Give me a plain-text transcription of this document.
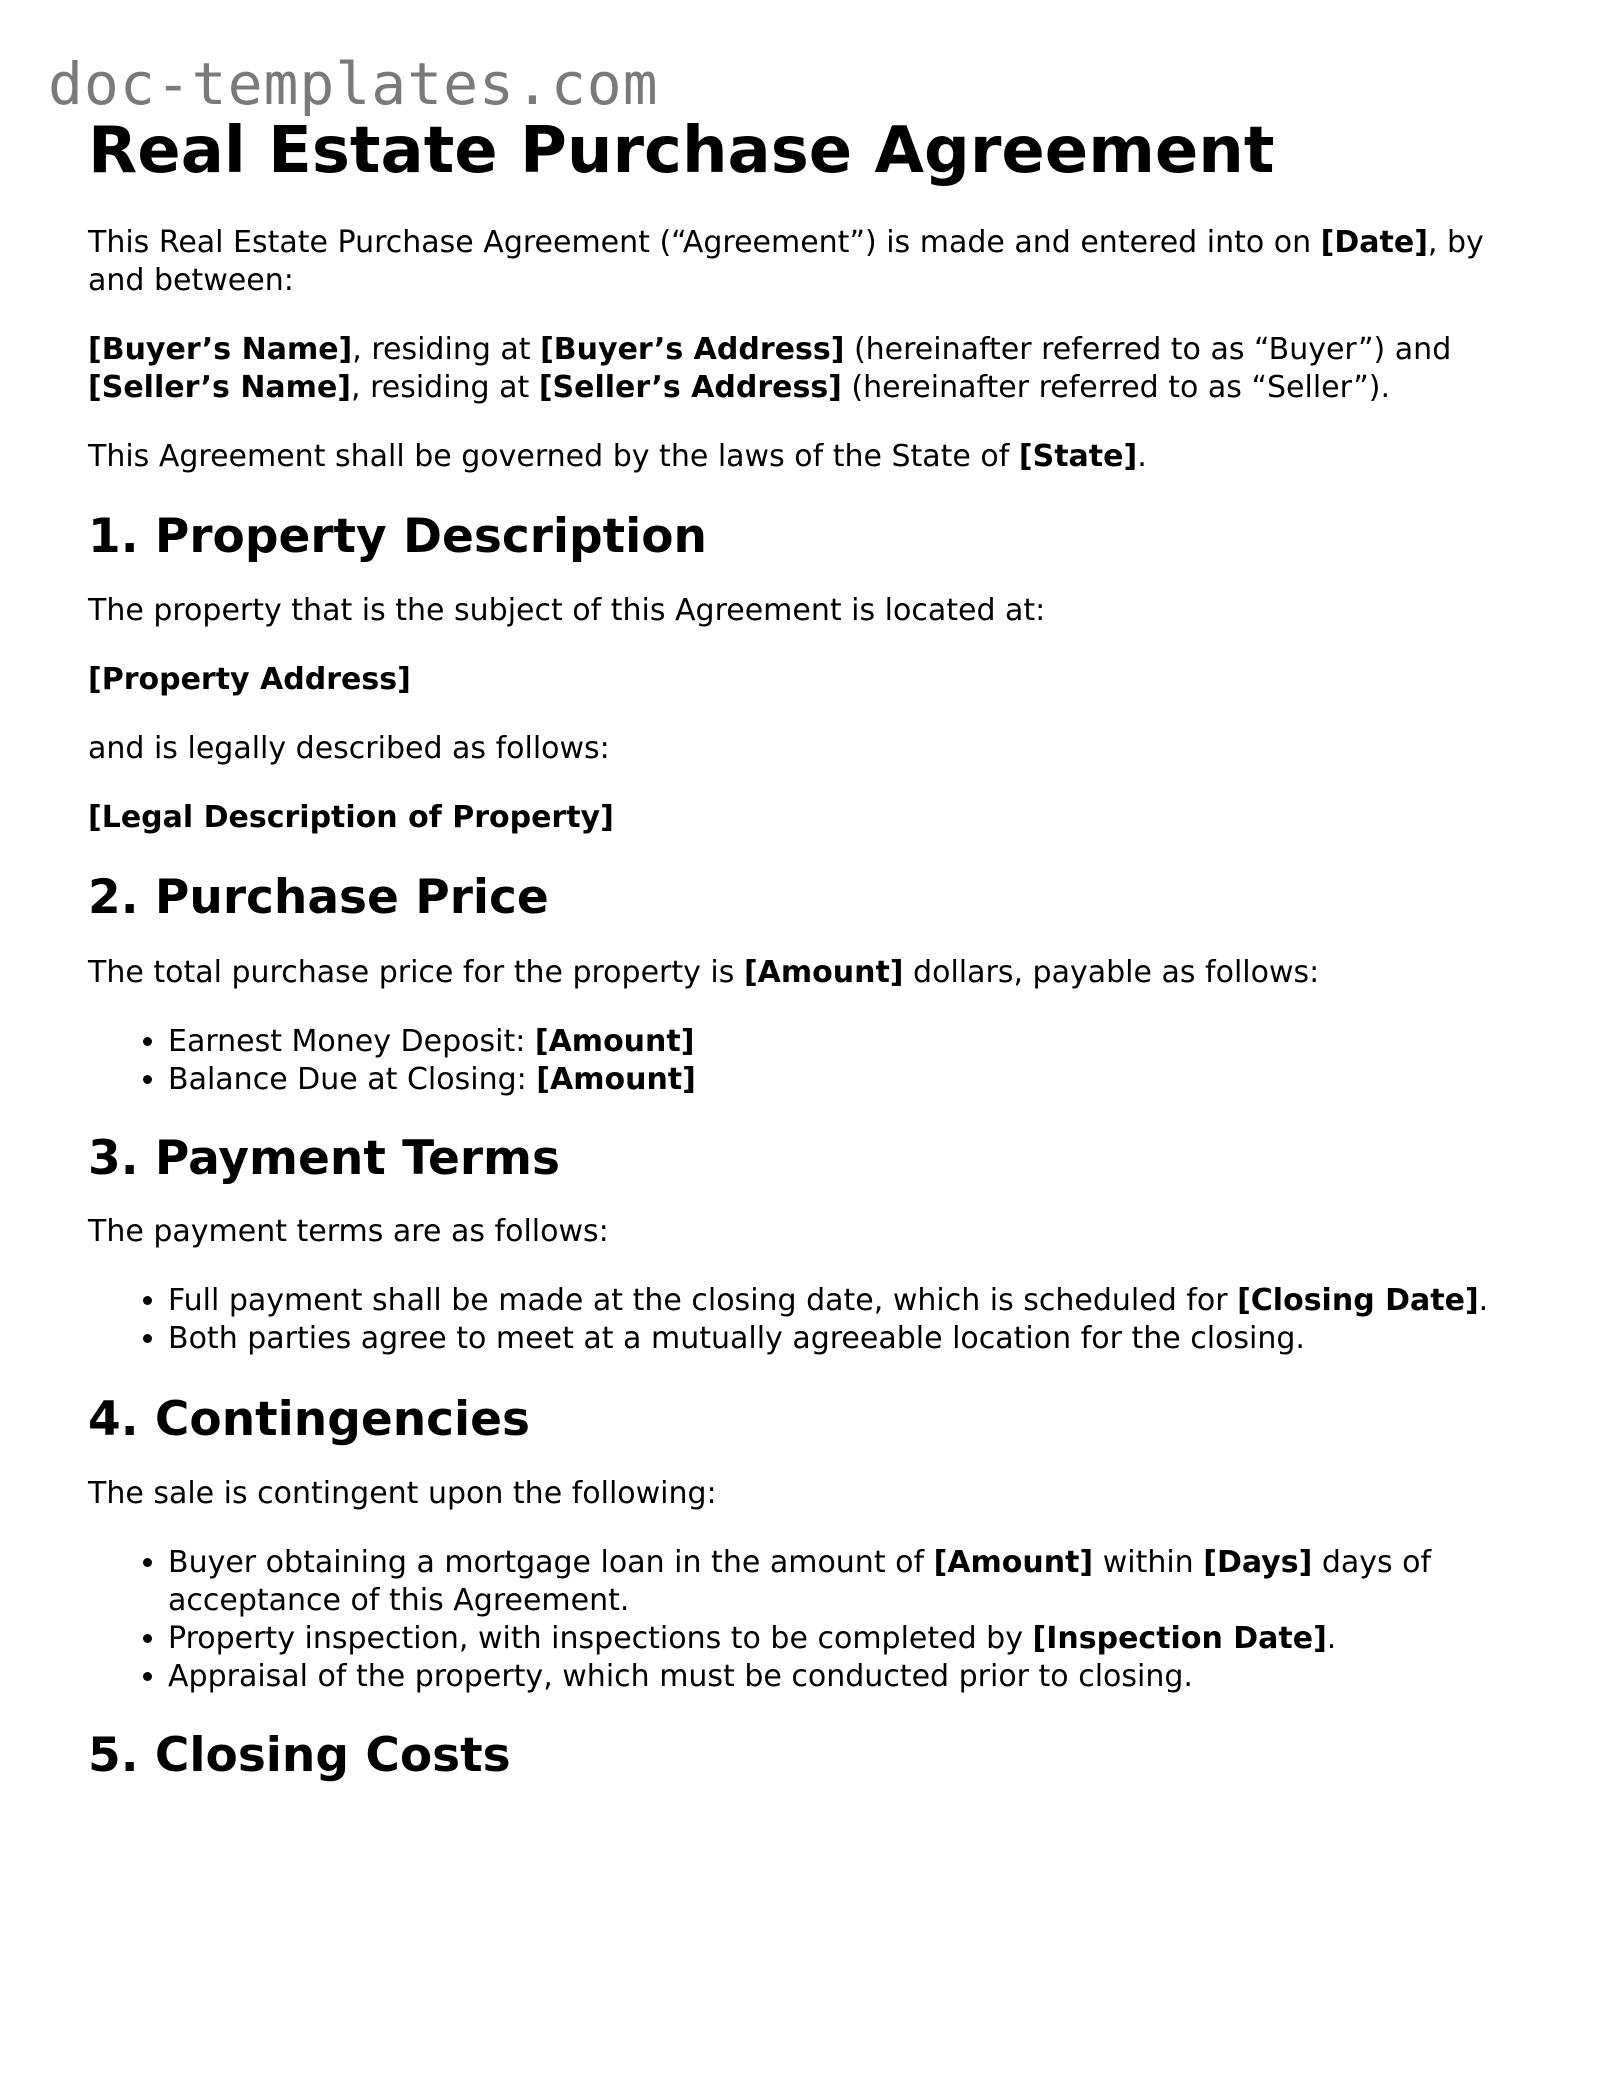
doc-templates.com
Real Estate Purchase Agreement

This Real Estate Purchase Agreement (“Agreement”) is made and entered into on [Date], by and between:

[Buyer’s Name], residing at [Buyer’s Address] (hereinafter referred to as “Buyer”) and [Seller’s Name], residing at [Seller’s Address] (hereinafter referred to as “Seller”).

This Agreement shall be governed by the laws of the State of [State].

1. Property Description

The property that is the subject of this Agreement is located at:

[Property Address]

and is legally described as follows:

[Legal Description of Property]

2. Purchase Price

The total purchase price for the property is [Amount] dollars, payable as follows:

• Earnest Money Deposit: [Amount]
• Balance Due at Closing: [Amount]
3. Payment Terms

The payment terms are as follows:

• Full payment shall be made at the closing date, which is scheduled for [Closing Date].
• Both parties agree to meet at a mutually agreeable location for the closing.
4. Contingencies

The sale is contingent upon the following:

• Buyer obtaining a mortgage loan in the amount of [Amount] within [Days] days of acceptance of this Agreement.
• Property inspection, with inspections to be completed by [Inspection Date].
• Appraisal of the property, which must be conducted prior to closing.
5. Closing Costs
